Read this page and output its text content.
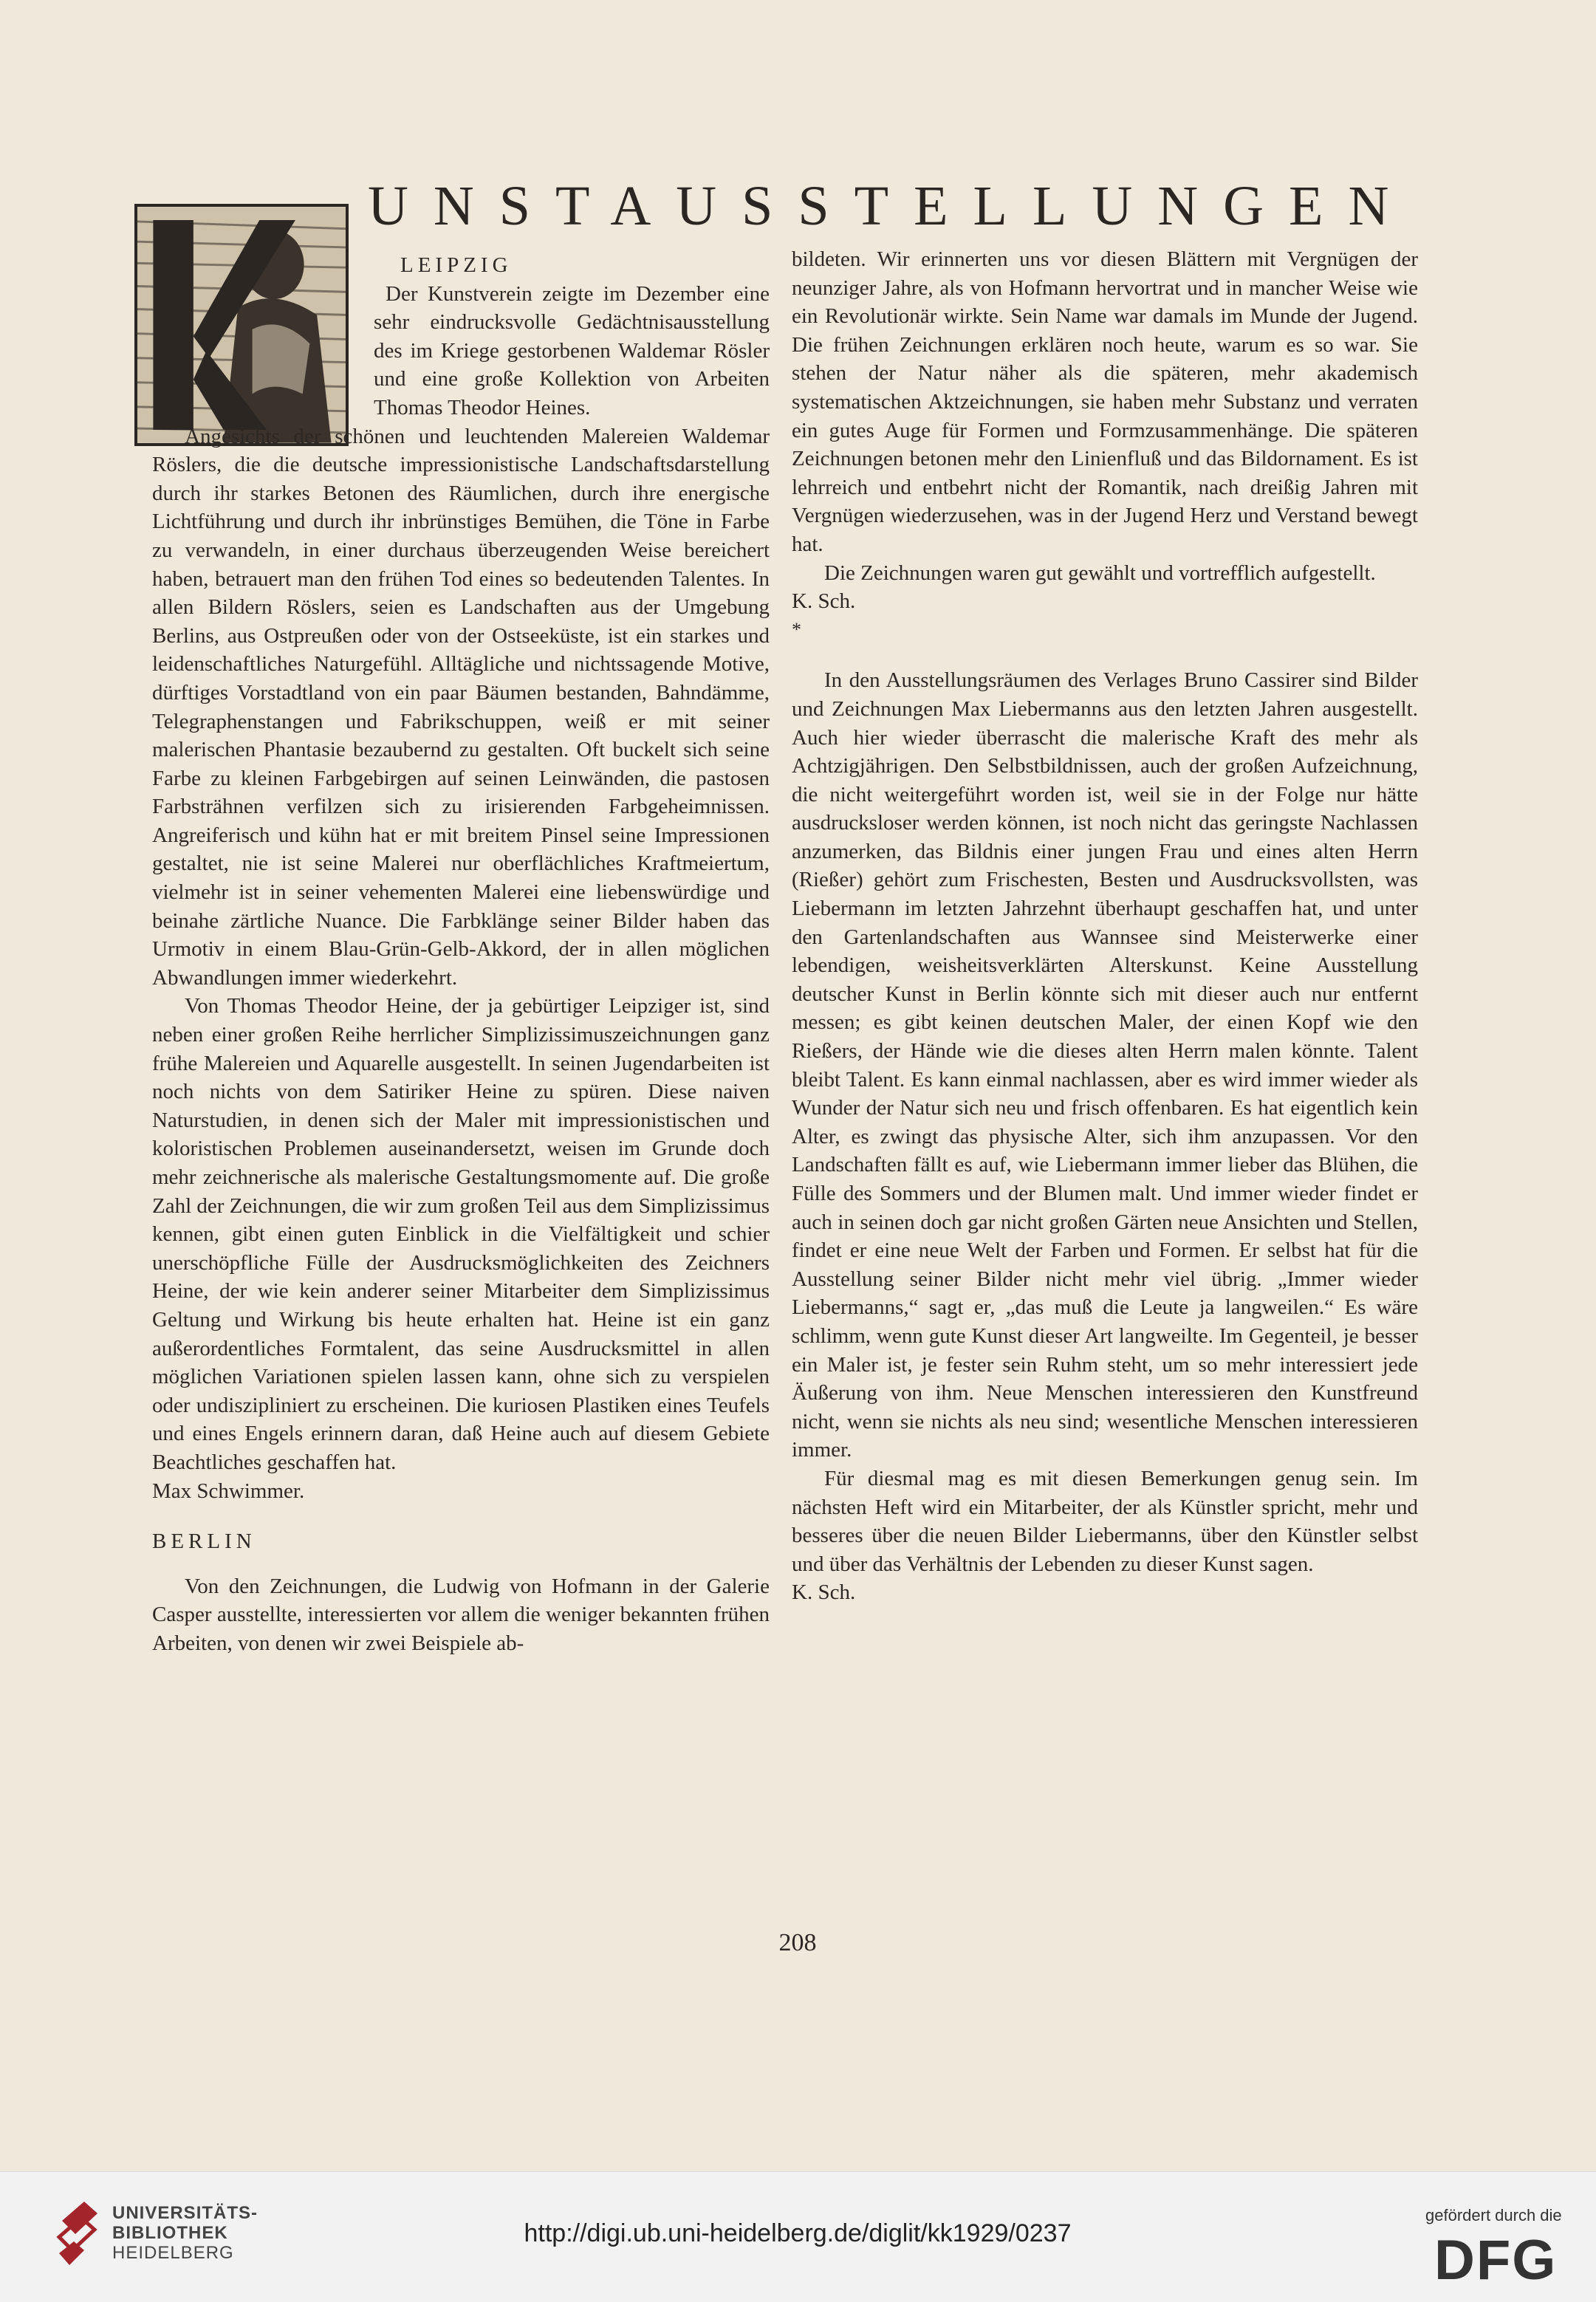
UNSTAUSSTELLUNGEN

LEIPZIG

Der Kunstverein zeigte im Dezember eine sehr eindrucksvolle Gedächtnisausstellung des im Kriege gestorbenen Waldemar Rösler und eine große Kollektion von Arbeiten Thomas Theodor Heines.

Angesichts der schönen und leuchtenden Malereien Waldemar Röslers, die die deutsche impressionistische Landschaftsdarstellung durch ihr starkes Betonen des Räumlichen, durch ihre energische Lichtführung und durch ihr inbrünstiges Bemühen, die Töne in Farbe zu verwandeln, in einer durchaus überzeugenden Weise bereichert haben, betrauert man den frühen Tod eines so bedeutenden Talentes. In allen Bildern Röslers, seien es Landschaften aus der Umgebung Berlins, aus Ostpreußen oder von der Ostseeküste, ist ein starkes und leidenschaftliches Naturgefühl. Alltägliche und nichtssagende Motive, dürftiges Vorstadtland von ein paar Bäumen bestanden, Bahndämme, Telegraphenstangen und Fabrikschuppen, weiß er mit seiner malerischen Phantasie bezaubernd zu gestalten. Oft buckelt sich seine Farbe zu kleinen Farbgebirgen auf seinen Leinwänden, die pastosen Farbsträhnen verfilzen sich zu irisierenden Farbgeheimnissen. Angreiferisch und kühn hat er mit breitem Pinsel seine Impressionen gestaltet, nie ist seine Malerei nur oberflächliches Kraftmeiertum, vielmehr ist in seiner vehementen Malerei eine liebenswürdige und beinahe zärtliche Nuance. Die Farbklänge seiner Bilder haben das Urmotiv in einem Blau-Grün-Gelb-Akkord, der in allen möglichen Abwandlungen immer wiederkehrt.

Von Thomas Theodor Heine, der ja gebürtiger Leipziger ist, sind neben einer großen Reihe herrlicher Simplizissimuszeichnungen ganz frühe Malereien und Aquarelle ausgestellt. In seinen Jugendarbeiten ist noch nichts von dem Satiriker Heine zu spüren. Diese naiven Naturstudien, in denen sich der Maler mit impressionistischen und koloristischen Problemen auseinandersetzt, weisen im Grunde doch mehr zeichnerische als malerische Gestaltungsmomente auf. Die große Zahl der Zeichnungen, die wir zum großen Teil aus dem Simplizissimus kennen, gibt einen guten Einblick in die Vielfältigkeit und schier unerschöpfliche Fülle der Ausdrucksmöglichkeiten des Zeichners Heine, der wie kein anderer seiner Mitarbeiter dem Simplizissimus Geltung und Wirkung bis heute erhalten hat. Heine ist ein ganz außerordentliches Formtalent, das seine Ausdrucksmittel in allen möglichen Variationen spielen lassen kann, ohne sich zu verspielen oder undiszipliniert zu erscheinen. Die kuriosen Plastiken eines Teufels und eines Engels erinnern daran, daß Heine auch auf diesem Gebiete Beachtliches geschaffen hat.

Max Schwimmer.

BERLIN

Von den Zeichnungen, die Ludwig von Hofmann in der Galerie Casper ausstellte, interessierten vor allem die weniger bekannten frühen Arbeiten, von denen wir zwei Beispiele ab-

bildeten. Wir erinnerten uns vor diesen Blättern mit Vergnügen der neunziger Jahre, als von Hofmann hervortrat und in mancher Weise wie ein Revolutionär wirkte. Sein Name war damals im Munde der Jugend. Die frühen Zeichnungen erklären noch heute, warum es so war. Sie stehen der Natur näher als die späteren, mehr akademisch systematischen Aktzeichnungen, sie haben mehr Substanz und verraten ein gutes Auge für Formen und Formzusammenhänge. Die späteren Zeichnungen betonen mehr den Linienfluß und das Bildornament. Es ist lehrreich und entbehrt nicht der Romantik, nach dreißig Jahren mit Vergnügen wiederzusehen, was in der Jugend Herz und Verstand bewegt hat.

Die Zeichnungen waren gut gewählt und vortrefflich aufgestellt.

K. Sch.

*

In den Ausstellungsräumen des Verlages Bruno Cassirer sind Bilder und Zeichnungen Max Liebermanns aus den letzten Jahren ausgestellt. Auch hier wieder überrascht die malerische Kraft des mehr als Achtzigjährigen. Den Selbstbildnissen, auch der großen Aufzeichnung, die nicht weitergeführt worden ist, weil sie in der Folge nur hätte ausdrucksloser werden können, ist noch nicht das geringste Nachlassen anzumerken, das Bildnis einer jungen Frau und eines alten Herrn (Rießer) gehört zum Frischesten, Besten und Ausdrucksvollsten, was Liebermann im letzten Jahrzehnt überhaupt geschaffen hat, und unter den Gartenlandschaften aus Wannsee sind Meisterwerke einer lebendigen, weisheitsverklärten Alterskunst. Keine Ausstellung deutscher Kunst in Berlin könnte sich mit dieser auch nur entfernt messen; es gibt keinen deutschen Maler, der einen Kopf wie den Rießers, der Hände wie die dieses alten Herrn malen könnte. Talent bleibt Talent. Es kann einmal nachlassen, aber es wird immer wieder als Wunder der Natur sich neu und frisch offenbaren. Es hat eigentlich kein Alter, es zwingt das physische Alter, sich ihm anzupassen. Vor den Landschaften fällt es auf, wie Liebermann immer lieber das Blühen, die Fülle des Sommers und der Blumen malt. Und immer wieder findet er auch in seinen doch gar nicht großen Gärten neue Ansichten und Stellen, findet er eine neue Welt der Farben und Formen. Er selbst hat für die Ausstellung seiner Bilder nicht mehr viel übrig. „Immer wieder Liebermanns,“ sagt er, „das muß die Leute ja langweilen.“ Es wäre schlimm, wenn gute Kunst dieser Art langweilte. Im Gegenteil, je besser ein Maler ist, je fester sein Ruhm steht, um so mehr interessiert jede Äußerung von ihm. Neue Menschen interessieren den Kunstfreund nicht, wenn sie nichts als neu sind; wesentliche Menschen interessieren immer.

Für diesmal mag es mit diesen Bemerkungen genug sein. Im nächsten Heft wird ein Mitarbeiter, der als Künstler spricht, mehr und besseres über die neuen Bilder Liebermanns, über den Künstler selbst und über das Verhältnis der Lebenden zu dieser Kunst sagen.

K. Sch.

208
UNIVERSITÄTS-
BIBLIOTHEK
HEIDELBERG
http://digi.ub.uni-heidelberg.de/diglit/kk1929/0237
gefördert durch die
DFG
